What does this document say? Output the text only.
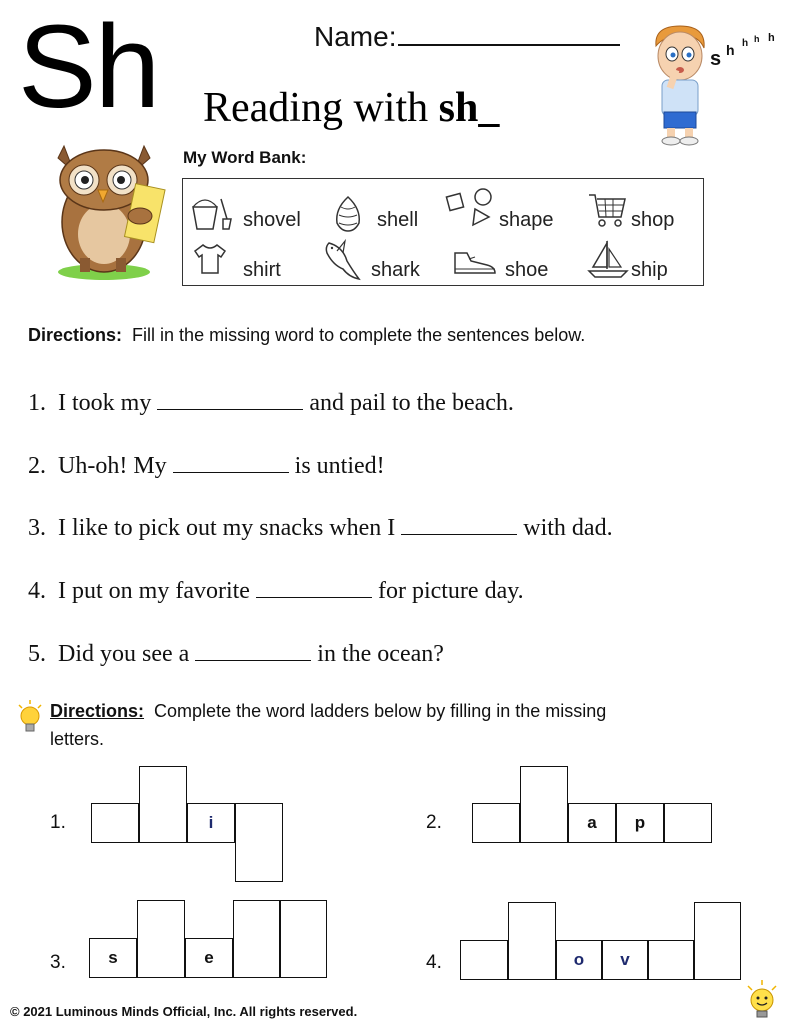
Sh	Name:
Reading with sh_
s h h h h
My Word Bank:
shovel	shell	shape	shop
shirt	shark	shoe	ship
Directions: Fill in the missing word to complete the sentences below.
1. I took my	and pail to the beach.
2. Uh-oh! My	is untied!
3. I like to pick out my snacks when I	with dad.
4. I put on my favorite	for picture day.
5. Did you see a	in the ocean?
Directions: Complete the word ladders below by filling in the missing
letters.
1.	i	2.	a	p
3.	s	e	4.	o	v
© 2021 Luminous Minds Official, Inc. All rights reserved.
